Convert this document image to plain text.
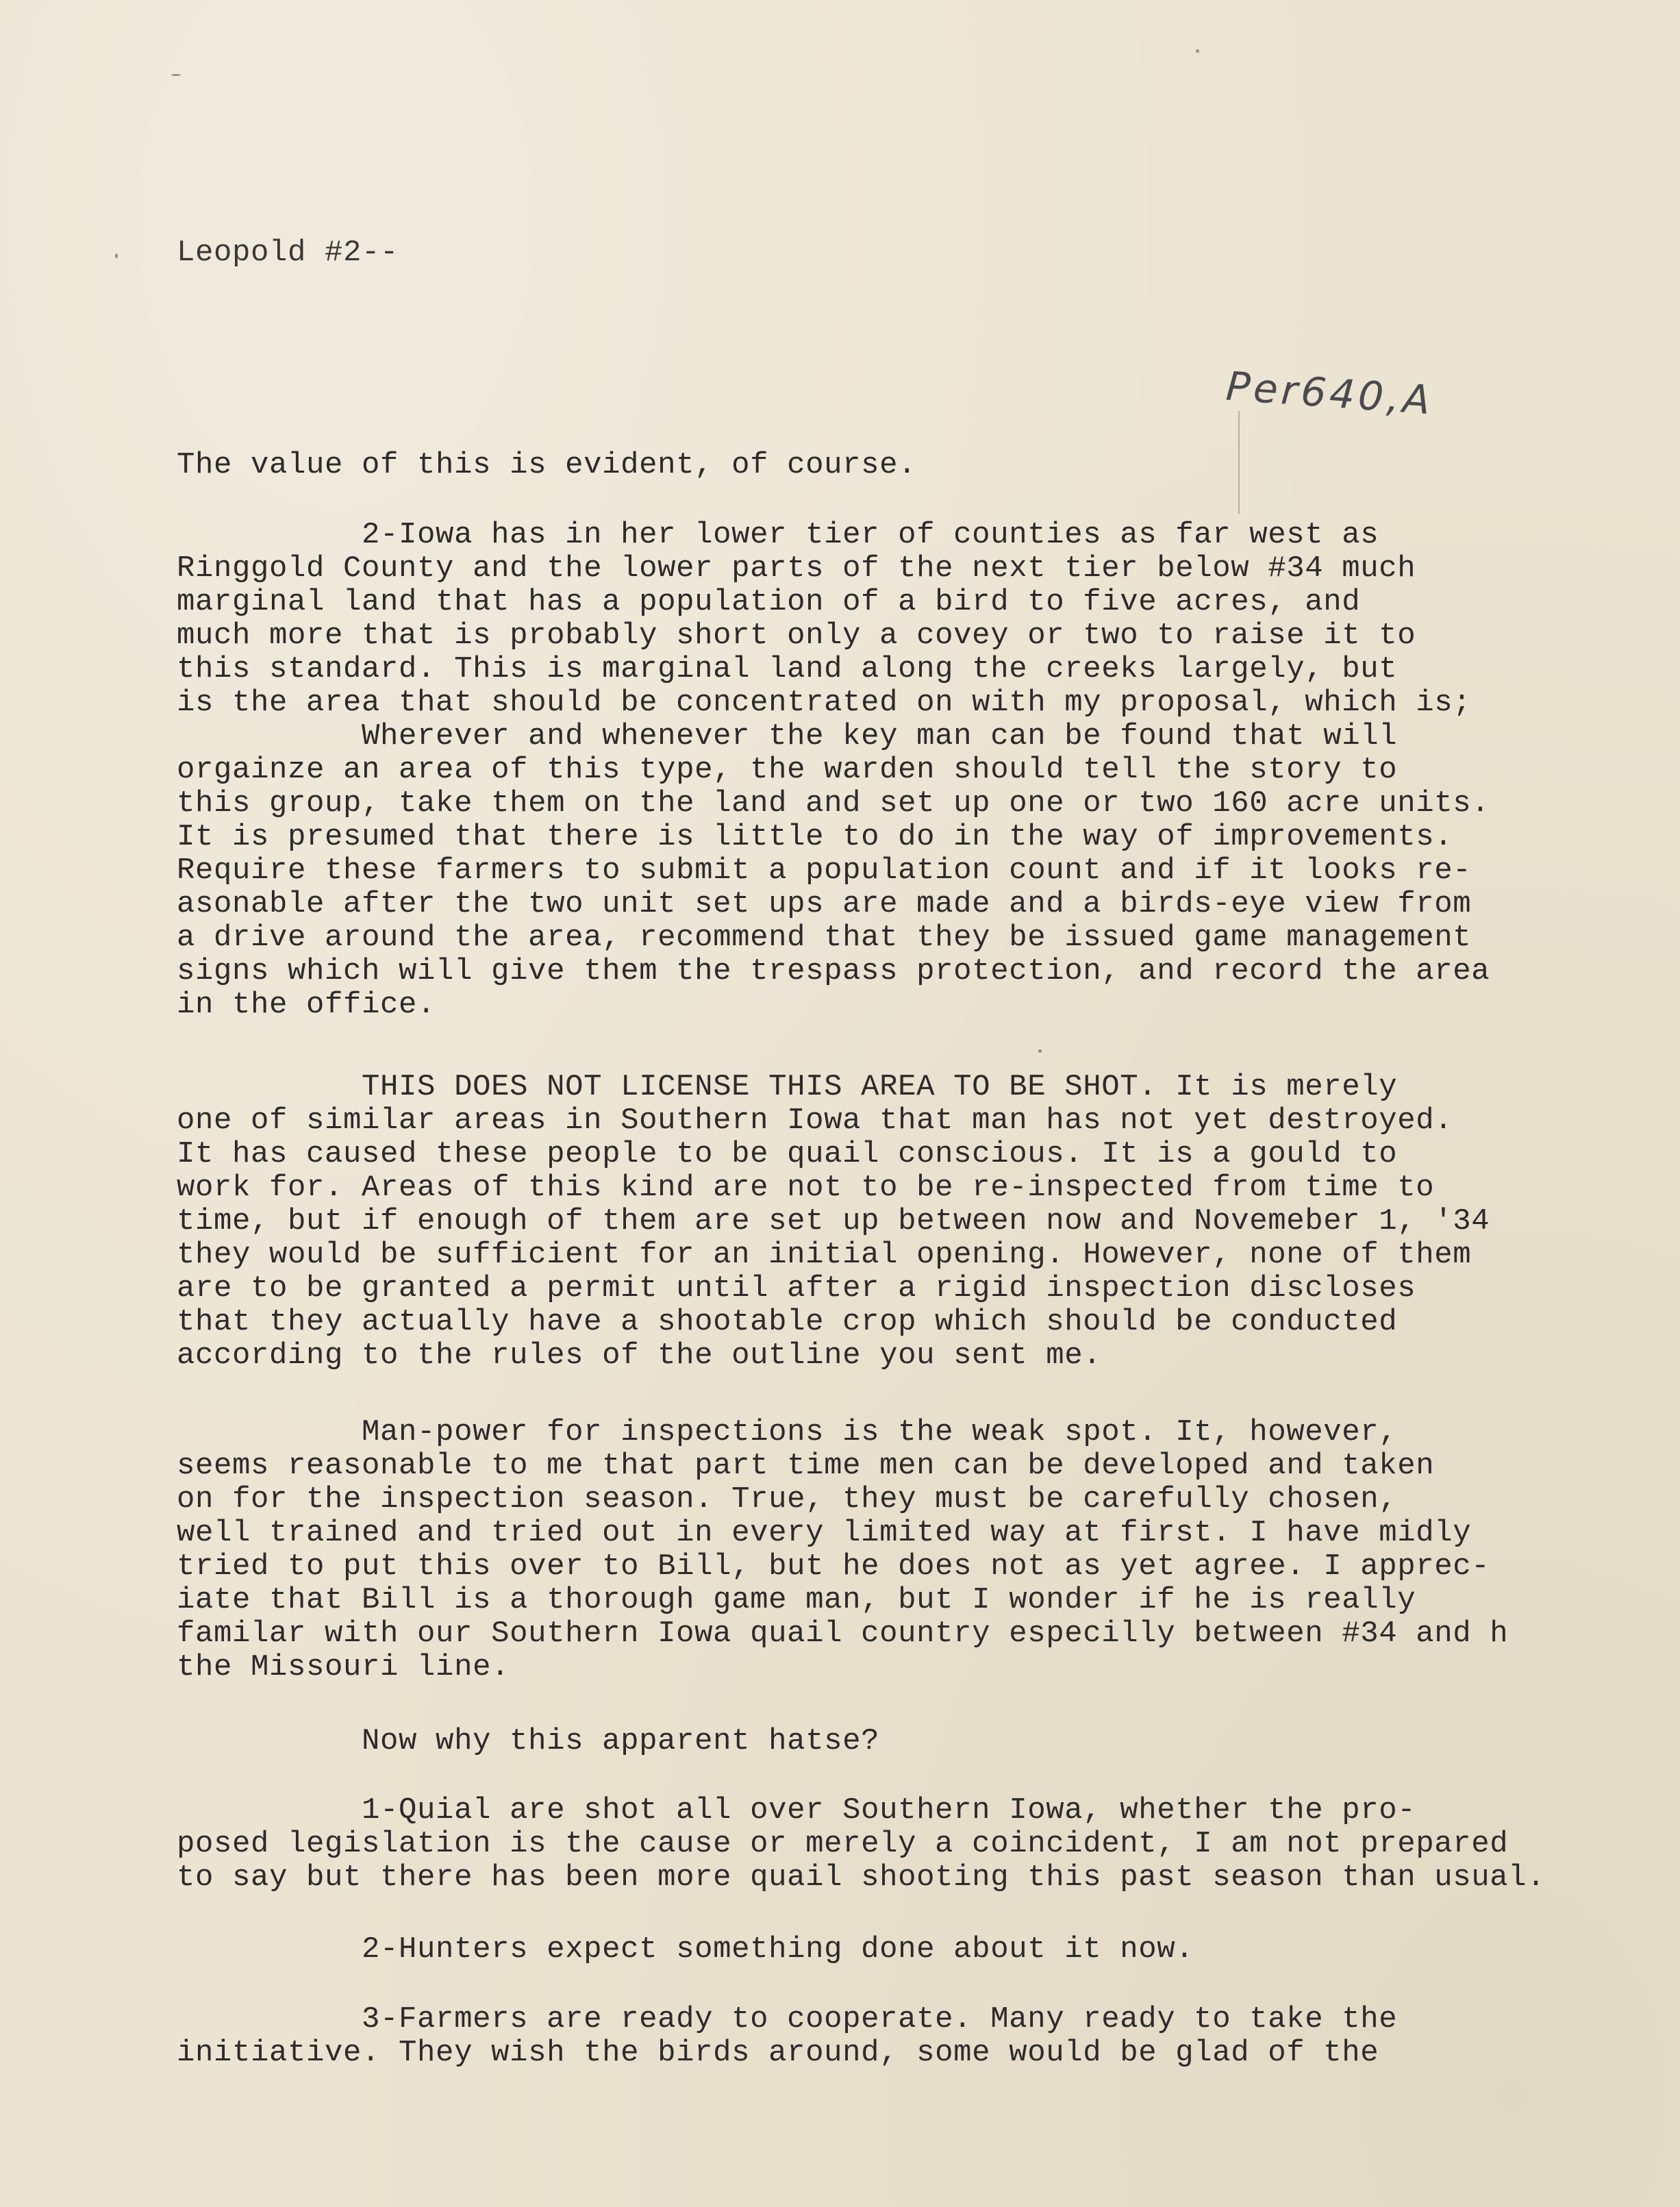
Leopold #2--
Per640,A

The value of this is evident, of course.

2-Iowa has in her lower tier of counties as far west as
Ringgold County and the lower parts of the next tier below #34 much
marginal land that has a population of a bird to five acres, and
much more that is probably short only a covey or two to raise it to
this standard. This is marginal land along the creeks largely, but
is the area that should be concentrated on with my proposal, which is;
Wherever and whenever the key man can be found that will
orgainze an area of this type, the warden should tell the story to
this group, take them on the land and set up one or two 160 acre units.
It is presumed that there is little to do in the way of improvements.
Require these farmers to submit a population count and if it looks re-
asonable after the two unit set ups are made and a birds-eye view from
a drive around the area, recommend that they be issued game management
signs which will give them the trespass protection, and record the area
in the office.

THIS DOES NOT LICENSE THIS AREA TO BE SHOT. It is merely
one of similar areas in Southern Iowa that man has not yet destroyed.
It has caused these people to be quail conscious. It is a gould to
work for. Areas of this kind are not to be re-inspected from time to
time, but if enough of them are set up between now and Novemeber 1, '34
they would be sufficient for an initial opening. However, none of them
are to be granted a permit until after a rigid inspection discloses
that they actually have a shootable crop which should be conducted
according to the rules of the outline you sent me.

Man-power for inspections is the weak spot. It, however,
seems reasonable to me that part time men can be developed and taken
on for the inspection season. True, they must be carefully chosen,
well trained and tried out in every limited way at first. I have midly
tried to put this over to Bill, but he does not as yet agree. I apprec-
iate that Bill is a thorough game man, but I wonder if he is really
familar with our Southern Iowa quail country especilly between #34 and h
the Missouri line.

Now why this apparent hatse?

1-Quial are shot all over Southern Iowa, whether the pro-
posed legislation is the cause or merely a coincident, I am not prepared
to say but there has been more quail shooting this past season than usual.

2-Hunters expect something done about it now.

3-Farmers are ready to cooperate. Many ready to take the
initiative. They wish the birds around, some would be glad of the
